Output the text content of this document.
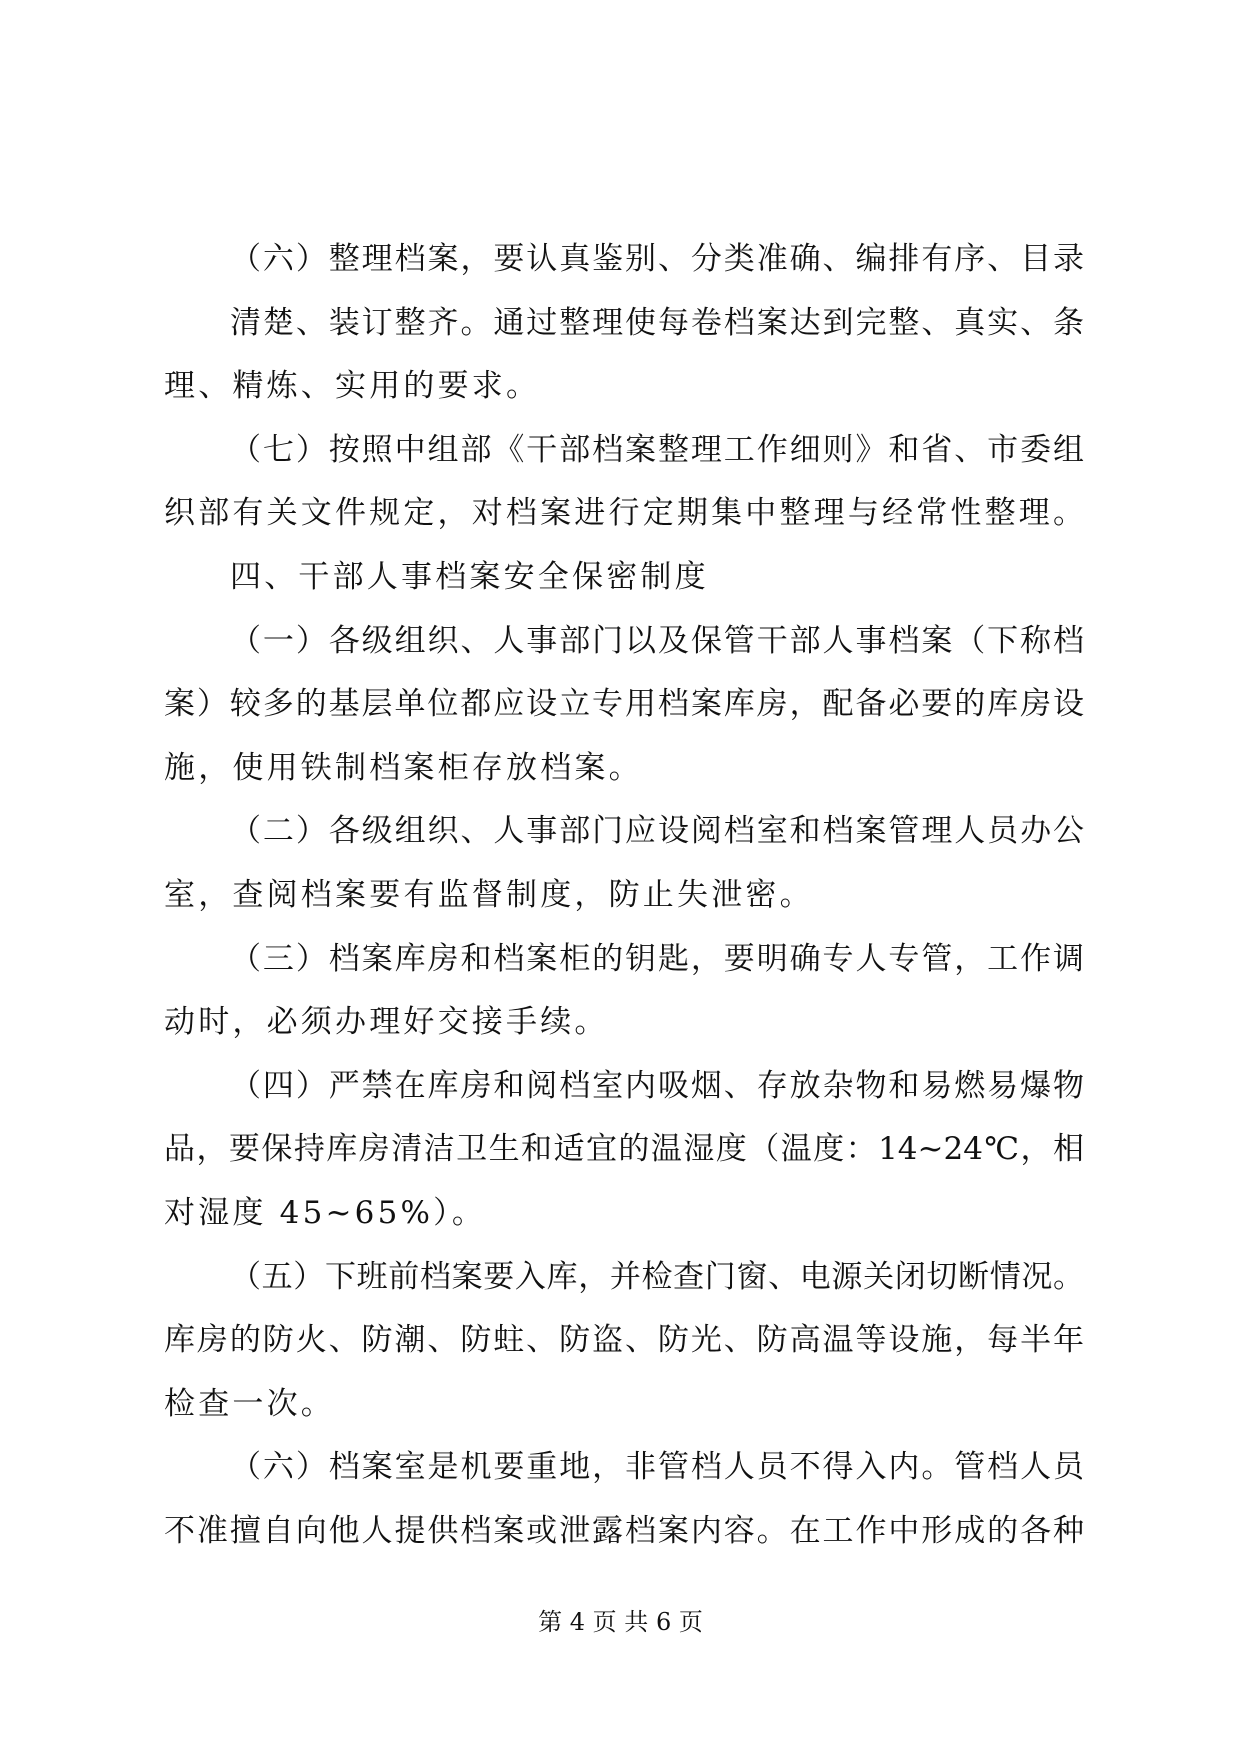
（六）整理档案，要认真鉴别、分类准确、编排有序、目录
清楚、装订整齐。通过整理使每卷档案达到完整、真实、条
理、精炼、实用的要求。
（七）按照中组部《干部档案整理工作细则》和省、市委组
织部有关文件规定，对档案进行定期集中整理与经常性整理。
四、干部人事档案安全保密制度
（一）各级组织、人事部门以及保管干部人事档案（下称档
案）较多的基层单位都应设立专用档案库房，配备必要的库房设
施，使用铁制档案柜存放档案。
（二）各级组织、人事部门应设阅档室和档案管理人员办公
室，查阅档案要有监督制度，防止失泄密。
（三）档案库房和档案柜的钥匙，要明确专人专管，工作调
动时，必须办理好交接手续。
（四）严禁在库房和阅档室内吸烟、存放杂物和易燃易爆物
品，要保持库房清洁卫生和适宜的温湿度（温度：14~24℃，相
对湿度 45~65%）。
（五）下班前档案要入库，并检查门窗、电源关闭切断情况。
库房的防火、防潮、防蛀、防盗、防光、防高温等设施，每半年
检查一次。
（六）档案室是机要重地，非管档人员不得入内。管档人员
不准擅自向他人提供档案或泄露档案内容。在工作中形成的各种
第 4 页 共 6 页
